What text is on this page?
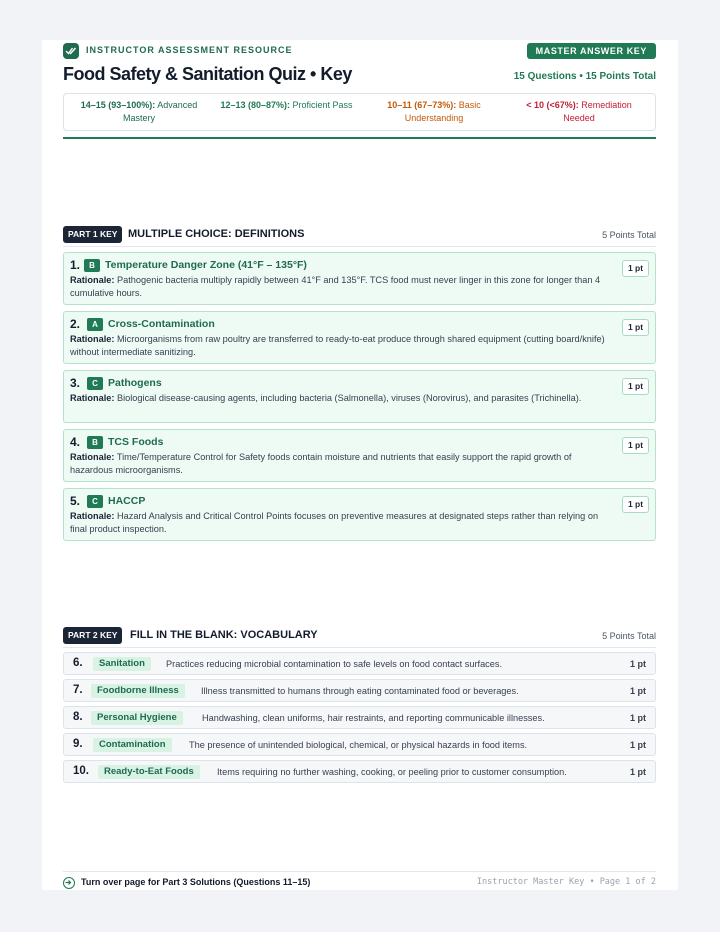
INSTRUCTOR ASSESSMENT RESOURCE	MASTER ANSWER KEY
Food Safety & Sanitation Quiz • Key	15 Questions • 15 Points Total
14–15 (93–100%): Advanced Mastery
12–13 (80–87%): Proficient Pass	10–11 (67–73%): Basic Understanding
< 10 (<67%): Remediation Needed
PART 1 KEY MULTIPLE CHOICE: DEFINITIONS	5 Points Total
1.	B Temperature Danger Zone (41°F – 135°F)
Rationale: Pathogenic bacteria multiply rapidly between 41°F and 135°F. TCS food must never linger in this zone for longer than 4 cumulative hours.
1 pt
2.	A Cross-Contamination
Rationale: Microorganisms from raw poultry are transferred to ready-to-eat produce through shared equipment (cutting board/knife) without intermediate sanitizing.
1 pt
3.	C Pathogens
Rationale: Biological disease-causing agents, including bacteria (Salmonella), viruses (Norovirus), and parasites (Trichinella).
1 pt
4.	B TCS Foods
Rationale: Time/Temperature Control for Safety foods contain moisture and nutrients that easily support the rapid growth of hazardous microorganisms.
1 pt
5.	C HACCP
Rationale: Hazard Analysis and Critical Control Points focuses on preventive measures at designated steps rather than relying on final product inspection.
1 pt
PART 2 KEY	FILL IN THE BLANK: VOCABULARY	5 Points Total
6.	Sanitation	Practices reducing microbial contamination to safe levels on food contact surfaces.	1 pt
7.	Foodborne Illness	Illness transmitted to humans through eating contaminated food or beverages.	1 pt
8.	Personal Hygiene	Handwashing, clean uniforms, hair restraints, and reporting communicable illnesses.	1 pt
9.	Contamination	The presence of unintended biological, chemical, or physical hazards in food items.	1 pt
10.	Ready-to-Eat Foods	Items requiring no further washing, cooking, or peeling prior to customer consumption.	1 pt
Turn over page for Part 3 Solutions (Questions 11–15)	Instructor Master Key • Page 1 of 2
